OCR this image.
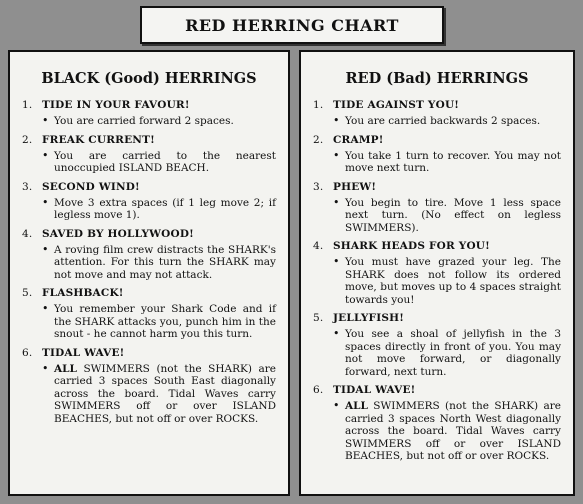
RED HERRING CHART
BLACK (Good) HERRINGS
1. TIDE IN YOUR FAVOUR!
• You are carried forward 2 spaces.
2. FREAK CURRENT!
• You are carried to the nearest unoccupied ISLAND BEACH.
3. SECOND WIND!
• Move 3 extra spaces (if 1 leg move 2; if legless move 1).
4. SAVED BY HOLLYWOOD!
• A roving film crew distracts the SHARK's attention. For this turn the SHARK may not move and may not attack.
5. FLASHBACK!
• You remember your Shark Code and if the SHARK attacks you, punch him in the snout - he cannot harm you this turn.
6. TIDAL WAVE!
• ALL SWIMMERS (not the SHARK) are carried 3 spaces South East diagonally across the board. Tidal Waves carry SWIMMERS off or over ISLAND BEACHES, but not off or over ROCKS.
RED (Bad) HERRINGS
1. TIDE AGAINST YOU!
• You are carried backwards 2 spaces.
2. CRAMP!
• You take 1 turn to recover. You may not move next turn.
3. PHEW!
• You begin to tire. Move 1 less space next turn. (No effect on legless SWIMMERS).
4. SHARK HEADS FOR YOU!
• You must have grazed your leg. The SHARK does not follow its ordered move, but moves up to 4 spaces straight towards you!
5. JELLYFISH!
• You see a shoal of jellyfish in the 3 spaces directly in front of you. You may not move forward, or diagonally forward, next turn.
6. TIDAL WAVE!
• ALL SWIMMERS (not the SHARK) are carried 3 spaces North West diagonally across the board. Tidal Waves carry SWIMMERS off or over ISLAND BEACHES, but not off or over ROCKS.
